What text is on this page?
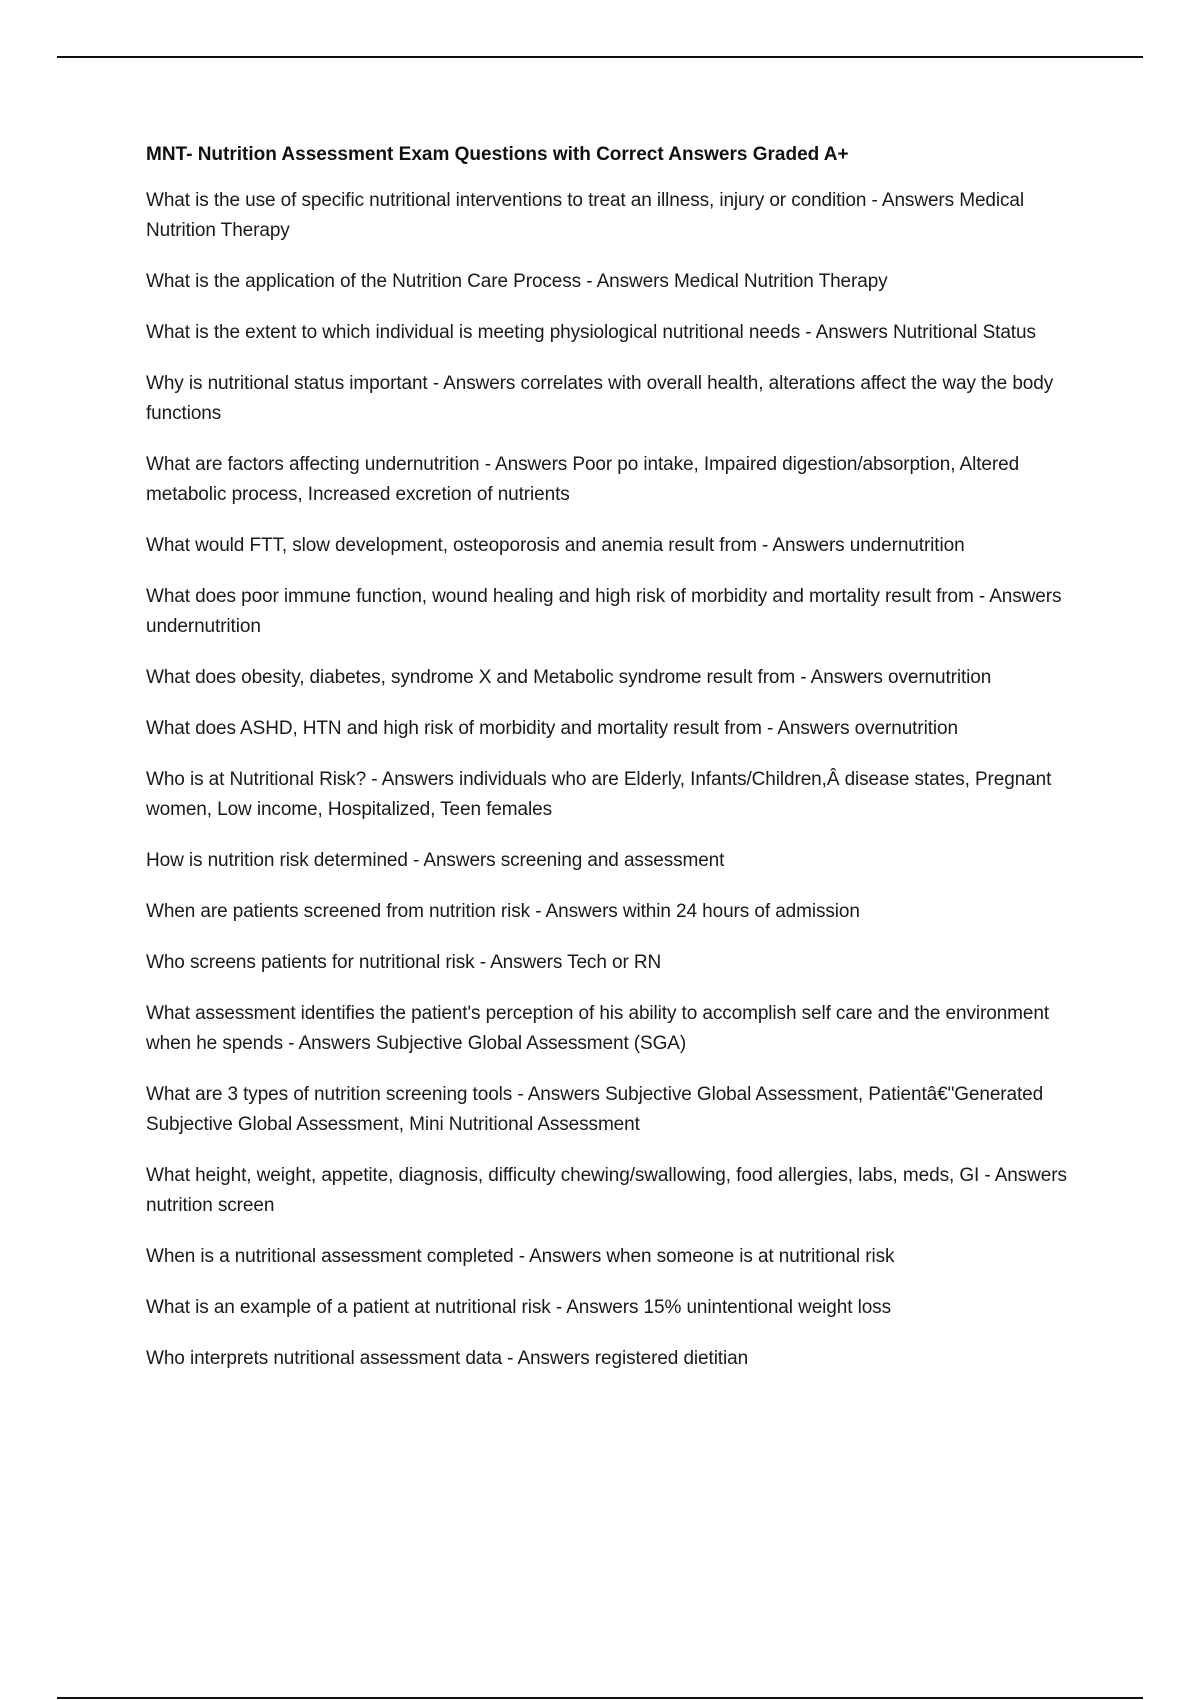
MNT- Nutrition Assessment Exam Questions with Correct Answers Graded A+
What is the use of specific nutritional interventions to treat an illness, injury or condition - Answers Medical Nutrition Therapy
What is the application of the Nutrition Care Process - Answers Medical Nutrition Therapy
What is the extent to which individual is meeting physiological nutritional needs - Answers Nutritional Status
Why is nutritional status important - Answers correlates with overall health, alterations affect the way the body functions
What are factors affecting undernutrition - Answers Poor po intake, Impaired digestion/absorption, Altered metabolic process, Increased excretion of nutrients
What would FTT, slow development, osteoporosis and anemia result from - Answers undernutrition
What does poor immune function, wound healing and high risk of morbidity and mortality result from - Answers undernutrition
What does obesity, diabetes, syndrome X and Metabolic syndrome result from - Answers overnutrition
What does ASHD, HTN and high risk of morbidity and mortality result from - Answers overnutrition
Who is at Nutritional Risk? - Answers individuals who are Elderly, Infants/Children,Â disease states, Pregnant women, Low income, Hospitalized, Teen females
How is nutrition risk determined - Answers screening and assessment
When are patients screened from nutrition risk - Answers within 24 hours of admission
Who screens patients for nutritional risk - Answers Tech or RN
What assessment identifies the patient's perception of his ability to accomplish self care and the environment when he spends - Answers Subjective Global Assessment (SGA)
What are 3 types of nutrition screening tools - Answers Subjective Global Assessment, Patientâ€"Generated Subjective Global Assessment, Mini Nutritional Assessment
What height, weight, appetite, diagnosis, difficulty chewing/swallowing, food allergies, labs, meds, GI - Answers nutrition screen
When is a nutritional assessment completed - Answers when someone is at nutritional risk
What is an example of a patient at nutritional risk - Answers 15% unintentional weight loss
Who interprets nutritional assessment data - Answers registered dietitian
